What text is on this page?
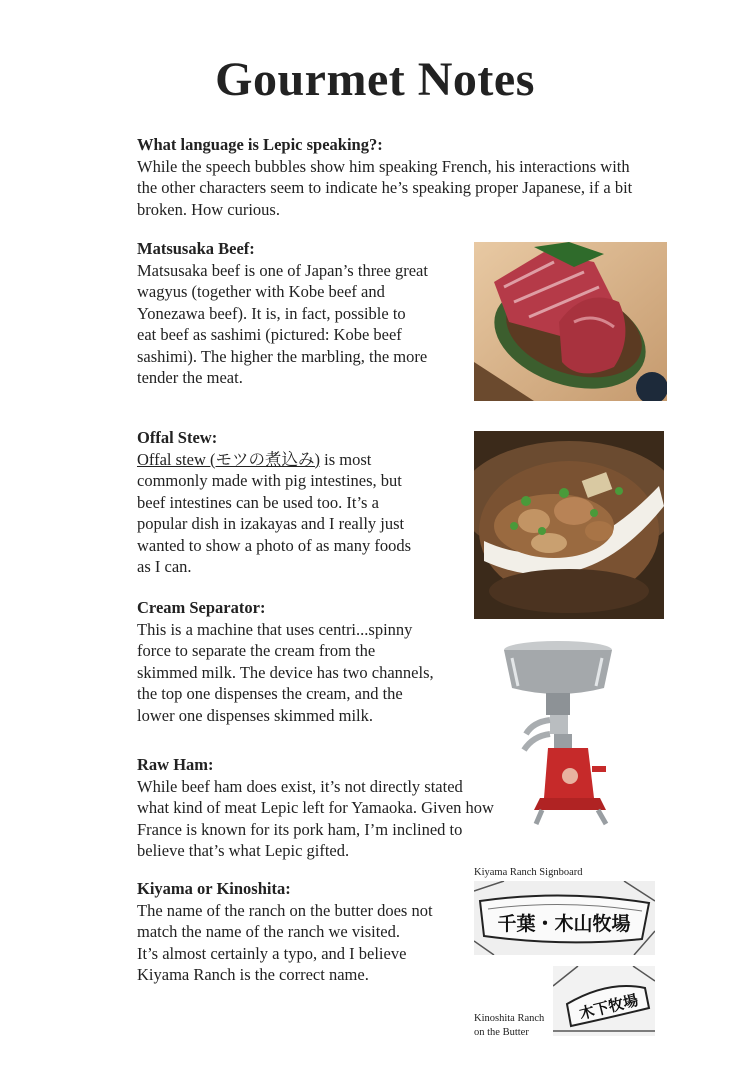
Gourmet Notes
What language is Lepic speaking?:

While the speech bubbles show him speaking French, his interactions with

the other characters seem to indicate he’s speaking proper Japanese, if a bit

broken. How curious.

Matsusaka Beef:

Matsusaka beef is one of Japan’s three great

wagyus (together with Kobe beef and

Yonezawa beef). It is, in fact, possible to

eat beef as sashimi (pictured: Kobe beef

sashimi). The higher the marbling, the more

tender the meat.

Offal Stew:

Offal stew (モツの煮込み) is most

commonly made with pig intestines, but

beef intestines can be used too. It’s a

popular dish in izakayas and I really just

wanted to show a photo of as many foods

as I can.

Cream Separator:

This is a machine that uses centri...spinny

force to separate the cream from the

skimmed milk. The device has two channels,

the top one dispenses the cream, and the

lower one dispenses skimmed milk.

Raw Ham:

While beef ham does exist, it’s not directly stated

what kind of meat Lepic left for Yamaoka. Given how

France is known for its pork ham, I’m inclined to

believe that’s what Lepic gifted.

Kiyama or Kinoshita:

The name of the ranch on the butter does not

match the name of the ranch we visited.

It’s almost certainly a typo, and I believe

Kiyama Ranch is the correct name.

Kiyama Ranch Signboard
千葉・木山牧場
木下牧場
Kinoshita Ranch
on the Butter
